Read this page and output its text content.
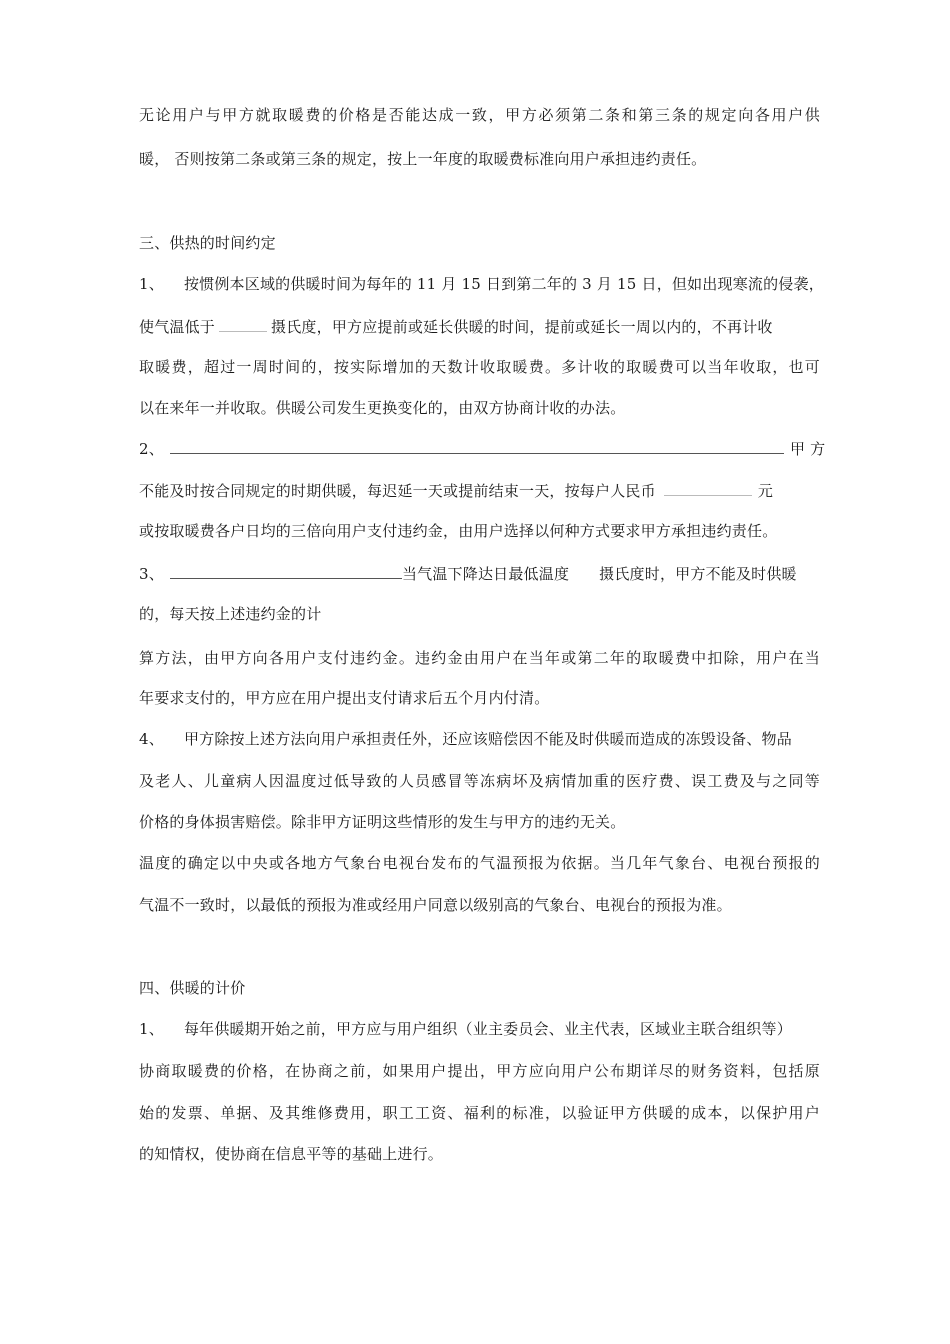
无论用户与甲方就取暖费的价格是否能达成一致，甲方必须第二条和第三条的规定向各用户供
暖， 否则按第二条或第三条的规定，按上一年度的取暖费标准向用户承担违约责任。
三、供热的时间约定
1、 按惯例本区域的供暖时间为每年的 11 月 15 日到第二年的 3 月 15 日，但如出现寒流的侵袭，
使气温低于	摄氏度，甲方应提前或延长供暖的时间，提前或延长一周以内的，不再计收
取暖费，超过一周时间的，按实际增加的天数计收取暖费。多计收的取暖费可以当年收取，也可
以在来年一并收取。供暖公司发生更换变化的，由双方协商计收的办法。
2、	甲 方
不能及时按合同规定的时期供暖，每迟延一天或提前结束一天，按每户人民币	元
或按取暖费各户日均的三倍向用户支付违约金，由用户选择以何种方式要求甲方承担违约责任。
3、	当气温下降达日最低温度 摄氏度时，甲方不能及时供暖
的，每天按上述违约金的计
算方法，由甲方向各用户支付违约金。违约金由用户在当年或第二年的取暖费中扣除，用户在当
年要求支付的，甲方应在用户提出支付请求后五个月内付清。
4、 甲方除按上述方法向用户承担责任外，还应该赔偿因不能及时供暖而造成的冻毁设备、物品
及老人、儿童病人因温度过低导致的人员感冒等冻病坏及病情加重的医疗费、误工费及与之同等
价格的身体损害赔偿。除非甲方证明这些情形的发生与甲方的违约无关。
温度的确定以中央或各地方气象台电视台发布的气温预报为依据。当几年气象台、电视台预报的
气温不一致时，以最低的预报为准或经用户同意以级别高的气象台、电视台的预报为准。
四、供暖的计价
1、 每年供暖期开始之前，甲方应与用户组织（业主委员会、业主代表，区域业主联合组织等）
协商取暖费的价格，在协商之前，如果用户提出，甲方应向用户公布期详尽的财务资料，包括原
始的发票、单据、及其维修费用，职工工资、福利的标准，以验证甲方供暖的成本，以保护用户
的知情权，使协商在信息平等的基础上进行。
